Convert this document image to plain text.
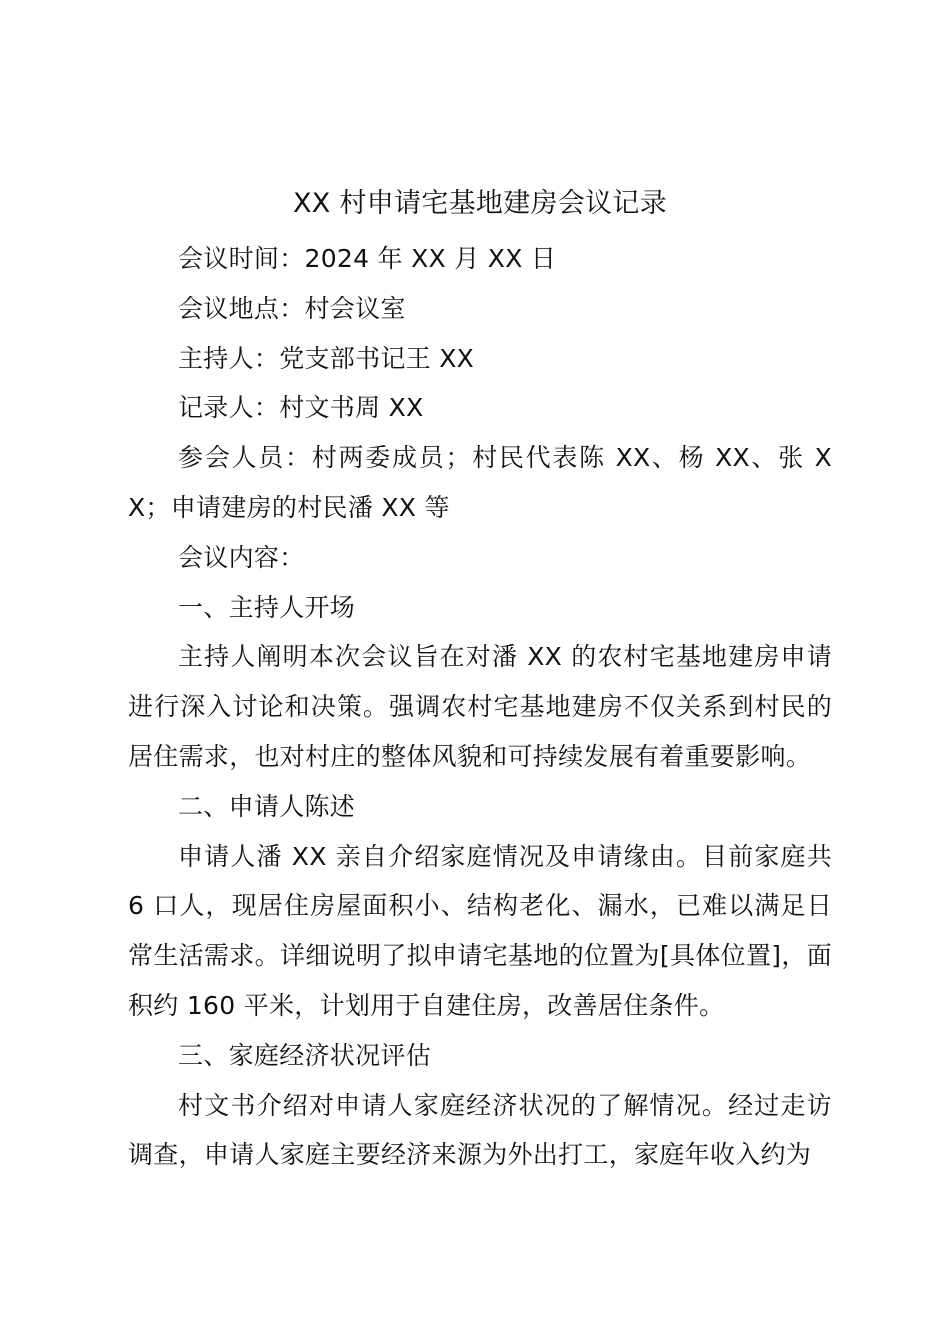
XX 村申请宅基地建房会议记录

会议时间：2024 年 XX 月 XX 日

会议地点：村会议室

主持人：党支部书记王 XX

记录人：村文书周 XX

参会人员：村两委成员；村民代表陈 XX、杨 XX、张 XX；申请建房的村民潘 XX 等

会议内容：

一、主持人开场

主持人阐明本次会议旨在对潘 XX 的农村宅基地建房申请进行深入讨论和决策。强调农村宅基地建房不仅关系到村民的居住需求，也对村庄的整体风貌和可持续发展有着重要影响。

二、申请人陈述

申请人潘 XX 亲自介绍家庭情况及申请缘由。目前家庭共 6 口人，现居住房屋面积小、结构老化、漏水，已难以满足日常生活需求。详细说明了拟申请宅基地的位置为[具体位置]，面积约 160 平米，计划用于自建住房，改善居住条件。

三、家庭经济状况评估

村文书介绍对申请人家庭经济状况的了解情况。经过走访调查，申请人家庭主要经济来源为外出打工，家庭年收入约为
